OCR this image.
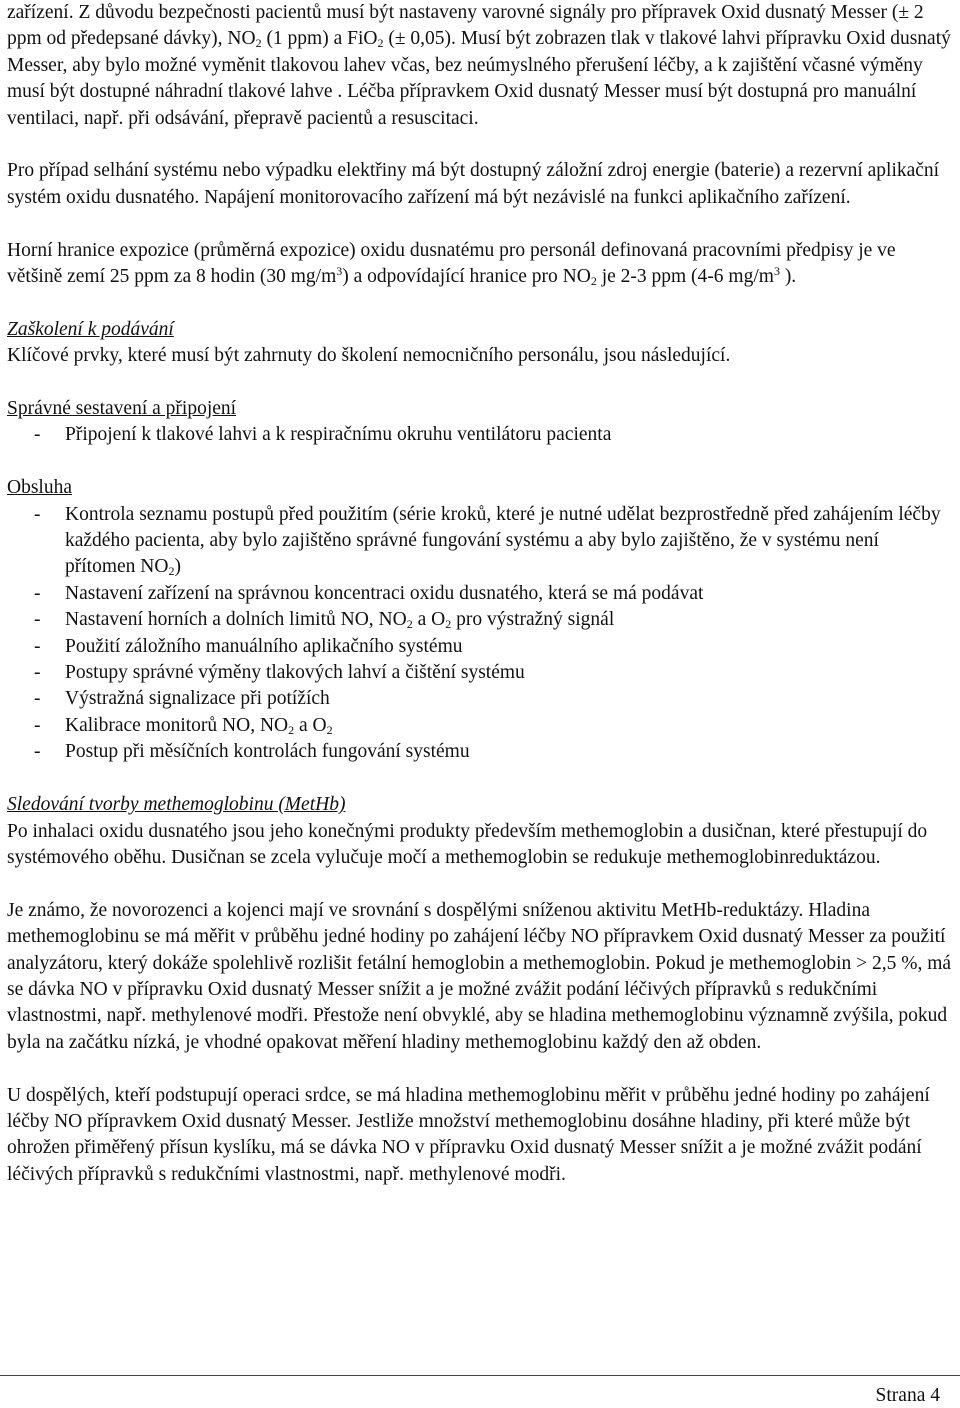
zařízení. Z důvodu bezpečnosti pacientů musí být nastaveny varovné signály pro přípravek Oxid dusnatý Messer (± 2 ppm od předepsané dávky), $NO_2$ (1 ppm) a FiO$_2$ (± 0,05). Musí být zobrazen tlak v tlakové lahvi přípravku Oxid dusnatý Messer, aby bylo možné vyměnit tlakovou lahev včas, bez neúmyslného přerušení léčby, a k zajištění včasné výměny musí být dostupné náhradní tlakové lahve . Léčba přípravkem Oxid dusnatý Messer musí být dostupná pro manuální ventilaci, např. při odsávání, přepravě pacientů a resuscitaci.

Pro případ selhání systému nebo výpadku elektřiny má být dostupný záložní zdroj energie (baterie) a rezervní aplikační systém oxidu dusnatého. Napájení monitorovacího zařízení má být nezávislé na funkci aplikačního zařízení.

Horní hranice expozice (průměrná expozice) oxidu dusnatému pro personál definovaná pracovními předpisy je ve většině zemí 25 ppm za 8 hodin (30 $mg/m^3$) a odpovídající hranice pro $NO_2$ je 2-3 ppm (4-6 $mg/m^3$ ).

Zaškolení k podávání

Klíčové prvky, které musí být zahrnuty do školení nemocničního personálu, jsou následující.

Správné sestavení a připojení

- Připojení k tlakové lahvi a k respiračnímu okruhu ventilátoru pacienta

Obsluha

- Kontrola seznamu postupů před použitím (série kroků, které je nutné udělat bezprostředně před zahájením léčby každého pacienta, aby bylo zajištěno správné fungování systému a aby bylo zajištěno, že v systému není přítomen $NO_2$)
- Nastavení zařízení na správnou koncentraci oxidu dusnatého, která se má podávat
- Nastavení horních a dolních limitů NO, $NO_2$ a $O_2$ pro výstražný signál
- Použití záložního manuálního aplikačního systému
- Postupy správné výměny tlakových lahví a čištění systému
- Výstražná signalizace při potížích
- Kalibrace monitorů NO, $NO_2$ a $O_2$
- Postup při měsíčních kontrolách fungování systému

Sledování tvorby methemoglobinu (MetHb)

Po inhalaci oxidu dusnatého jsou jeho konečnými produkty především methemoglobin a dusičnan, které přestupují do systémového oběhu. Dusičnan se zcela vylučuje močí a methemoglobin se redukuje methemoglobinreduktázou.

Je známo, že novorozenci a kojenci mají ve srovnání s dospělými sníženou aktivitu MetHb-reduktázy. Hladina methemoglobinu se má měřit v průběhu jedné hodiny po zahájení léčby NO přípravkem Oxid dusnatý Messer za použití analyzátoru, který dokáže spolehlivě rozlišit fetální hemoglobin a methemoglobin. Pokud je methemoglobin > 2,5 %, má se dávka NO v přípravku Oxid dusnatý Messer snížit a je možné zvážit podání léčivých přípravků s redukčními vlastnostmi, např. methylenové modři. Přestože není obvyklé, aby se hladina methemoglobinu významně zvýšila, pokud byla na začátku nízká, je vhodné opakovat měření hladiny methemoglobinu každý den až obden.

U dospělých, kteří podstupují operaci srdce, se má hladina methemoglobinu měřit v průběhu jedné hodiny po zahájení léčby NO přípravkem Oxid dusnatý Messer. Jestliže množství methemoglobinu dosáhne hladiny, při které může být ohrožen přiměřený přísun kyslíku, má se dávka NO v přípravku Oxid dusnatý Messer snížit a je možné zvážit podání léčivých přípravků s redukčními vlastnostmi, např. methylenové modři.

Strana 4
